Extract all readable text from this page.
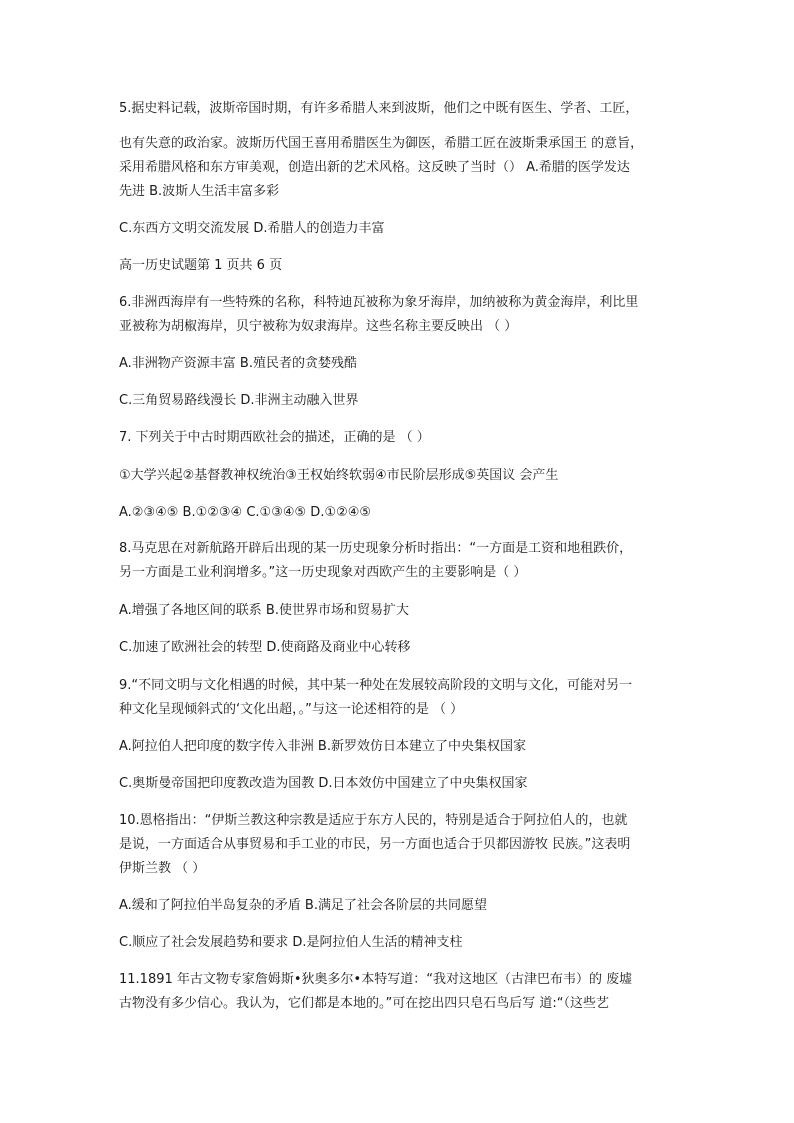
5.据史料记载，波斯帝国时期，有许多希腊人来到波斯，他们之中既有医生、学者、工匠，
也有失意的政治家。波斯历代国王喜用希腊医生为御医，希腊工匠在波斯秉承国王 的意旨，
采用希腊风格和东方审美观，创造出新的艺术风格。这反映了当时（） A.希腊的医学发达
先进 B.波斯人生活丰富多彩
C.东西方文明交流发展 D.希腊人的创造力丰富
高一历史试题第 1 页共 6 页
6.非洲西海岸有一些特殊的名称，科特迪瓦被称为象牙海岸，加纳被称为黄金海岸，利比里
亚被称为胡椒海岸，贝宁被称为奴隶海岸。这些名称主要反映出 （ ）
A.非洲物产资源丰富 B.殖民者的贪婪残酷
C.三角贸易路线漫长 D.非洲主动融入世界
7. 下列关于中古时期西欧社会的描述，正确的是 （ ）
①大学兴起②基督教神权统治③王权始终软弱④市民阶层形成⑤英国议 会产生
A.②③④⑤ B.①②③④ C.①③④⑤ D.①②④⑤
8.马克思在对新航路开辟后出现的某一历史现象分析时指出：“一方面是工资和地租跌价，
另一方面是工业利润增多。”这一历史现象对西欧产生的主要影响是（ ）
A.增强了各地区间的联系 B.使世界市场和贸易扩大
C.加速了欧洲社会的转型 D.使商路及商业中心转移
9.“不同文明与文化相遇的时候，其中某一种处在发展较高阶段的文明与文化，可能对另一
种文化呈现倾斜式的‘文化出超，。”与这一论述相符的是 （ ）
A.阿拉伯人把印度的数字传入非洲 B.新罗效仿日本建立了中央集权国家
C.奥斯曼帝国把印度教改造为国教 D.日本效仿中国建立了中央集权国家
10.恩格指出：“伊斯兰教这种宗教是适应于东方人民的，特别是适合于阿拉伯人的，也就
是说，一方面适合从事贸易和手工业的市民，另一方面也适合于贝都因游牧 民族。”这表明
伊斯兰教 （ ）
A.缓和了阿拉伯半岛复杂的矛盾 B.满足了社会各阶层的共同愿望
C.顺应了社会发展趋势和要求 D.是阿拉伯人生活的精神支柱
11.1891 年古文物专家詹姆斯•狄奥多尔•本特写道：“我对这地区（古津巴布韦）的 废墟
古物没有多少信心。我认为，它们都是本地的。”可在挖出四只皂石鸟后写 道:“（这些艺
